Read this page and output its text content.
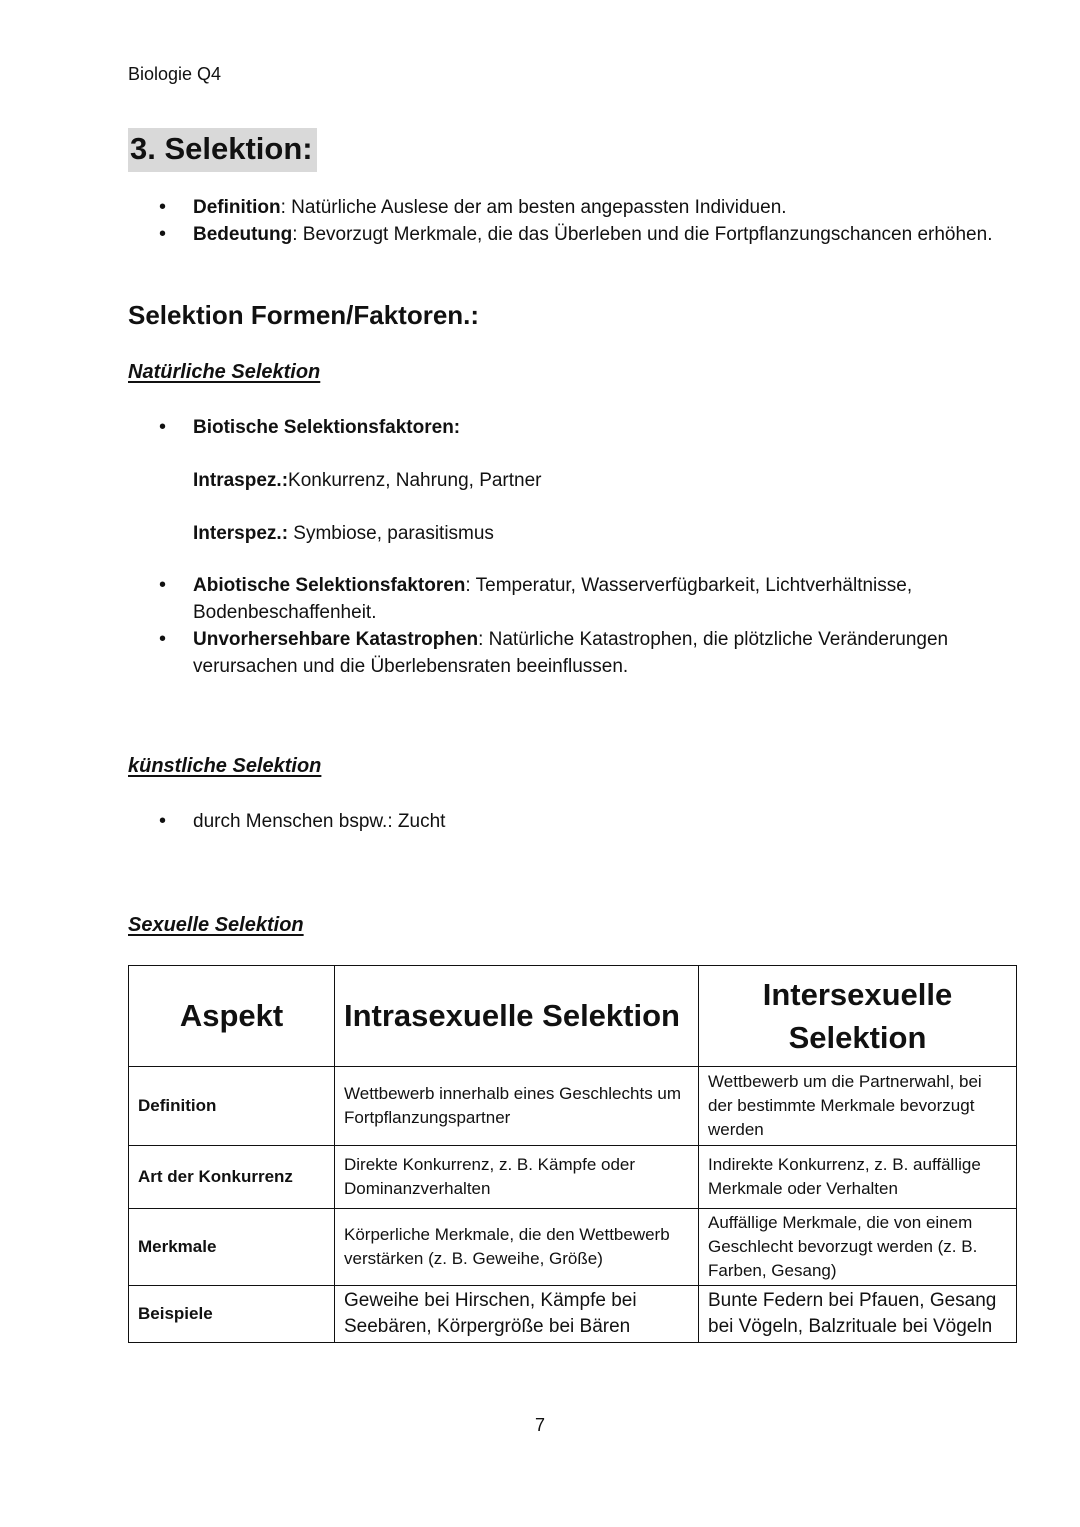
Biologie Q4
3. Selektion:
• Definition: Natürliche Auslese der am besten angepassten Individuen.
• Bedeutung: Bevorzugt Merkmale, die das Überleben und die Fortpflanzungschancen erhöhen.
Selektion Formen/Faktoren.:
Natürliche Selektion
• Biotische Selektionsfaktoren:
Intraspez.:Konkurrenz, Nahrung, Partner
Interspez.: Symbiose, parasitismus
• Abiotische Selektionsfaktoren: Temperatur, Wasserverfügbarkeit, Lichtverhältnisse, Bodenbeschaffenheit.
• Unvorhersehbare Katastrophen: Natürliche Katastrophen, die plötzliche Veränderungen verursachen und die Überlebensraten beeinflussen.
künstliche Selektion
• durch Menschen bspw.: Zucht
Sexuelle Selektion
Aspekt	Intrasexuelle Selektion	Intersexuelle Selektion
Definition	Wettbewerb innerhalb eines Geschlechts um Fortpflanzungspartner	Wettbewerb um die Partnerwahl, bei der bestimmte Merkmale bevorzugt werden
Art der Konkurrenz	Direkte Konkurrenz, z. B. Kämpfe oder Dominanzverhalten	Indirekte Konkurrenz, z. B. auffällige Merkmale oder Verhalten
Merkmale	Körperliche Merkmale, die den Wettbewerb verstärken (z. B. Geweihe, Größe)	Auffällige Merkmale, die von einem Geschlecht bevorzugt werden (z. B. Farben, Gesang)
Beispiele	Geweihe bei Hirschen, Kämpfe bei Seebären, Körpergröße bei Bären	Bunte Federn bei Pfauen, Gesang bei Vögeln, Balzrituale bei Vögeln
7
